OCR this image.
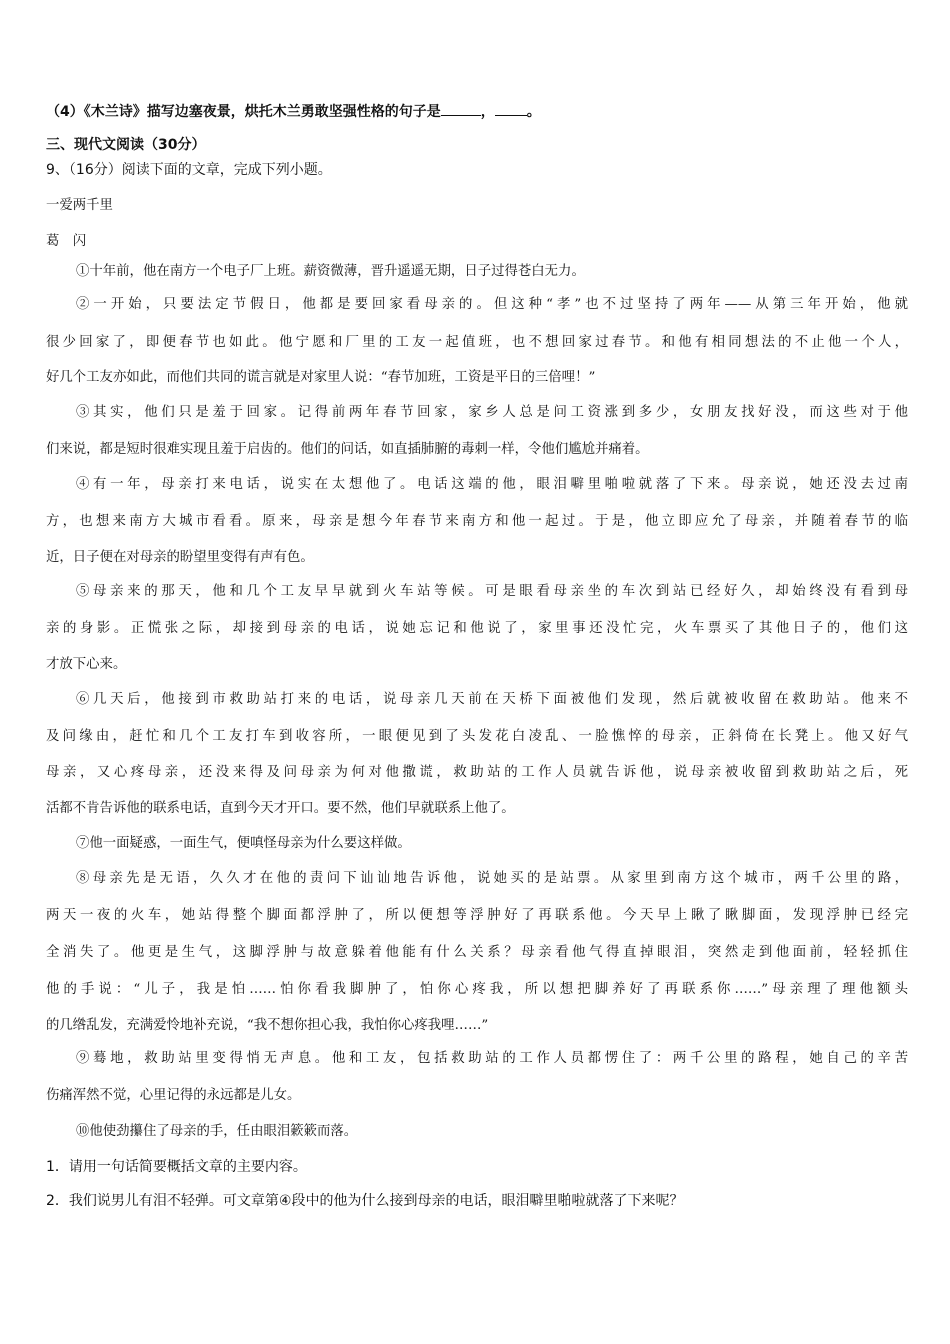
（4）《木兰诗》描写边塞夜景，烘托木兰勇敢坚强性格的句子是	， 。
三、现代文阅读（30分）
9、（16分）阅读下面的文章，完成下列小题。
一爱两千里
葛　闪
①十年前，他在南方一个电子厂上班。薪资微薄，晋升遥遥无期，日子过得苍白无力。
②一开始，只要法定节假日，他都是要回家看母亲的。但这种“孝”也不过坚持了两年——从第三年开始，他就
很少回家了，即便春节也如此。他宁愿和厂里的工友一起值班，也不想回家过春节。和他有相同想法的不止他一个人，
好几个工友亦如此，而他们共同的谎言就是对家里人说：“春节加班，工资是平日的三倍哩！”
③其实，他们只是羞于回家。记得前两年春节回家，家乡人总是问工资涨到多少，女朋友找好没，而这些对于他
们来说，都是短时很难实现且羞于启齿的。他们的问话，如直插肺腑的毒刺一样，令他们尴尬并痛着。
④有一年，母亲打来电话，说实在太想他了。电话这端的他，眼泪噼里啪啦就落了下来。母亲说，她还没去过南
方，也想来南方大城市看看。原来，母亲是想今年春节来南方和他一起过。于是，他立即应允了母亲，并随着春节的临
近，日子便在对母亲的盼望里变得有声有色。
⑤母亲来的那天，他和几个工友早早就到火车站等候。可是眼看母亲坐的车次到站已经好久，却始终没有看到母
亲的身影。正慌张之际，却接到母亲的电话，说她忘记和他说了，家里事还没忙完，火车票买了其他日子的，他们这
才放下心来。
⑥几天后，他接到市救助站打来的电话，说母亲几天前在天桥下面被他们发现，然后就被收留在救助站。他来不
及问缘由，赶忙和几个工友打车到收容所，一眼便见到了头发花白凌乱、一脸憔悴的母亲，正斜倚在长凳上。他又好气
母亲，又心疼母亲，还没来得及问母亲为何对他撒谎，救助站的工作人员就告诉他，说母亲被收留到救助站之后，死
活都不肯告诉他的联系电话，直到今天才开口。要不然，他们早就联系上他了。
⑦他一面疑惑，一面生气，便嗔怪母亲为什么要这样做。
⑧母亲先是无语，久久才在他的责问下讪讪地告诉他，说她买的是站票。从家里到南方这个城市，两千公里的路，
两天一夜的火车，她站得整个脚面都浮肿了，所以便想等浮肿好了再联系他。今天早上瞅了瞅脚面，发现浮肿已经完
全消失了。他更是生气，这脚浮肿与故意躲着他能有什么关系？母亲看他气得直掉眼泪，突然走到他面前，轻轻抓住
他的手说：“儿子，我是怕……怕你看我脚肿了，怕你心疼我，所以想把脚养好了再联系你……”母亲理了理他额头
的几绺乱发，充满爱怜地补充说，“我不想你担心我，我怕你心疼我哩……”
⑨蓦地，救助站里变得悄无声息。他和工友，包括救助站的工作人员都愣住了：两千公里的路程，她自己的辛苦
伤痛浑然不觉，心里记得的永远都是儿女。
⑩他使劲攥住了母亲的手，任由眼泪簌簌而落。
1．请用一句话简要概括文章的主要内容。
2．我们说男儿有泪不轻弹。可文章第④段中的他为什么接到母亲的电话，眼泪噼里啪啦就落了下来呢？
